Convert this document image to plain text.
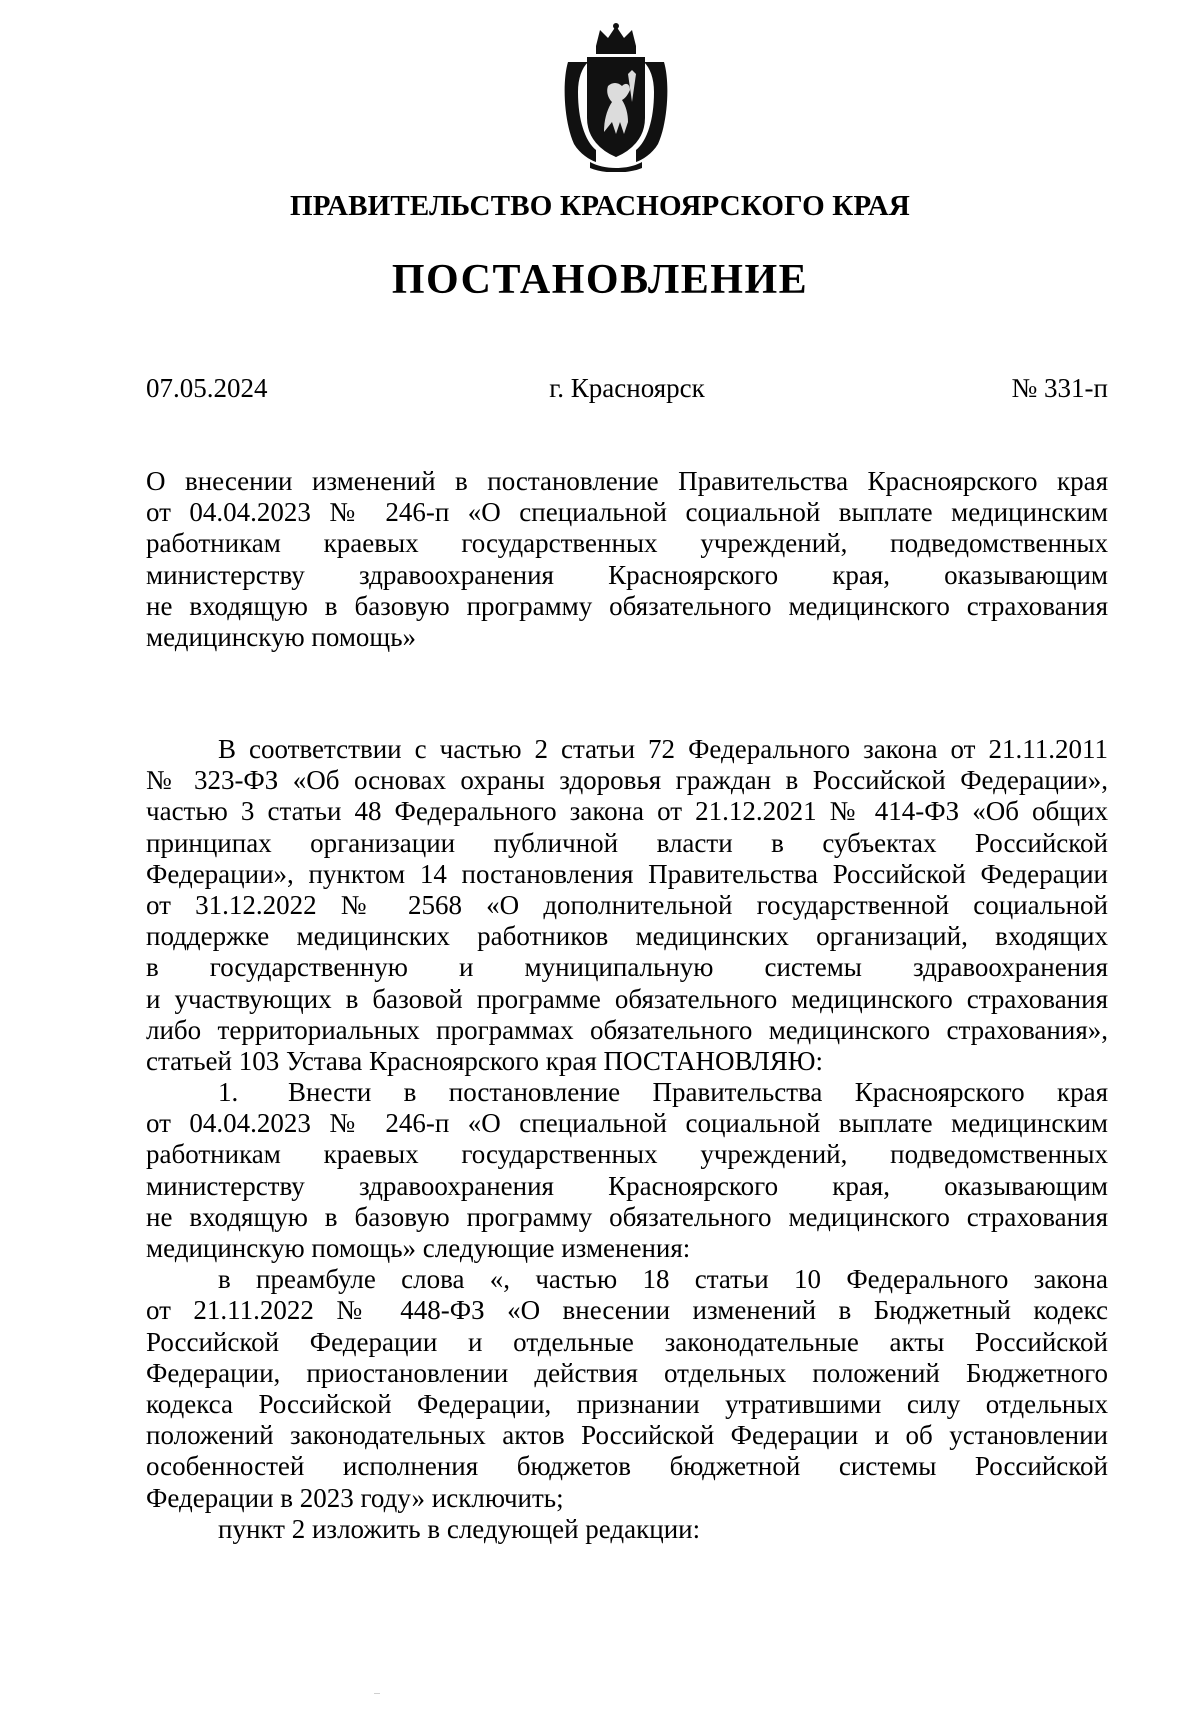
ПРАВИТЕЛЬСТВО КРАСНОЯРСКОГО КРАЯ
ПОСТАНОВЛЕНИЕ
07.05.2024	г. Красноярск	№ 331-п
О внесении изменений в постановление Правительства Красноярского края
от 04.04.2023 № 246-п «О специальной социальной выплате медицинским
работникам краевых государственных учреждений, подведомственных
министерству здравоохранения Красноярского края, оказывающим
не входящую в базовую программу обязательного медицинского страхования
медицинскую помощь»
В соответствии с частью 2 статьи 72 Федерального закона от 21.11.2011
№ 323-ФЗ «Об основах охраны здоровья граждан в Российской Федерации»,
частью 3 статьи 48 Федерального закона от 21.12.2021 № 414-ФЗ «Об общих
принципах организации публичной власти в субъектах Российской
Федерации», пунктом 14 постановления Правительства Российской Федерации
от 31.12.2022 № 2568 «О дополнительной государственной социальной
поддержке медицинских работников медицинских организаций, входящих
в государственную и муниципальную системы здравоохранения
и участвующих в базовой программе обязательного медицинского страхования
либо территориальных программах обязательного медицинского страхования»,
статьей 103 Устава Красноярского края ПОСТАНОВЛЯЮ:
1. Внести в постановление Правительства Красноярского края
от 04.04.2023 № 246-п «О специальной социальной выплате медицинским
работникам краевых государственных учреждений, подведомственных
министерству здравоохранения Красноярского края, оказывающим
не входящую в базовую программу обязательного медицинского страхования
медицинскую помощь» следующие изменения:
в преамбуле слова «, частью 18 статьи 10 Федерального закона
от 21.11.2022 № 448-ФЗ «О внесении изменений в Бюджетный кодекс
Российской Федерации и отдельные законодательные акты Российской
Федерации, приостановлении действия отдельных положений Бюджетного
кодекса Российской Федерации, признании утратившими силу отдельных
положений законодательных актов Российской Федерации и об установлении
особенностей исполнения бюджетов бюджетной системы Российской
Федерации в 2023 году» исключить;
пункт 2 изложить в следующей редакции:
